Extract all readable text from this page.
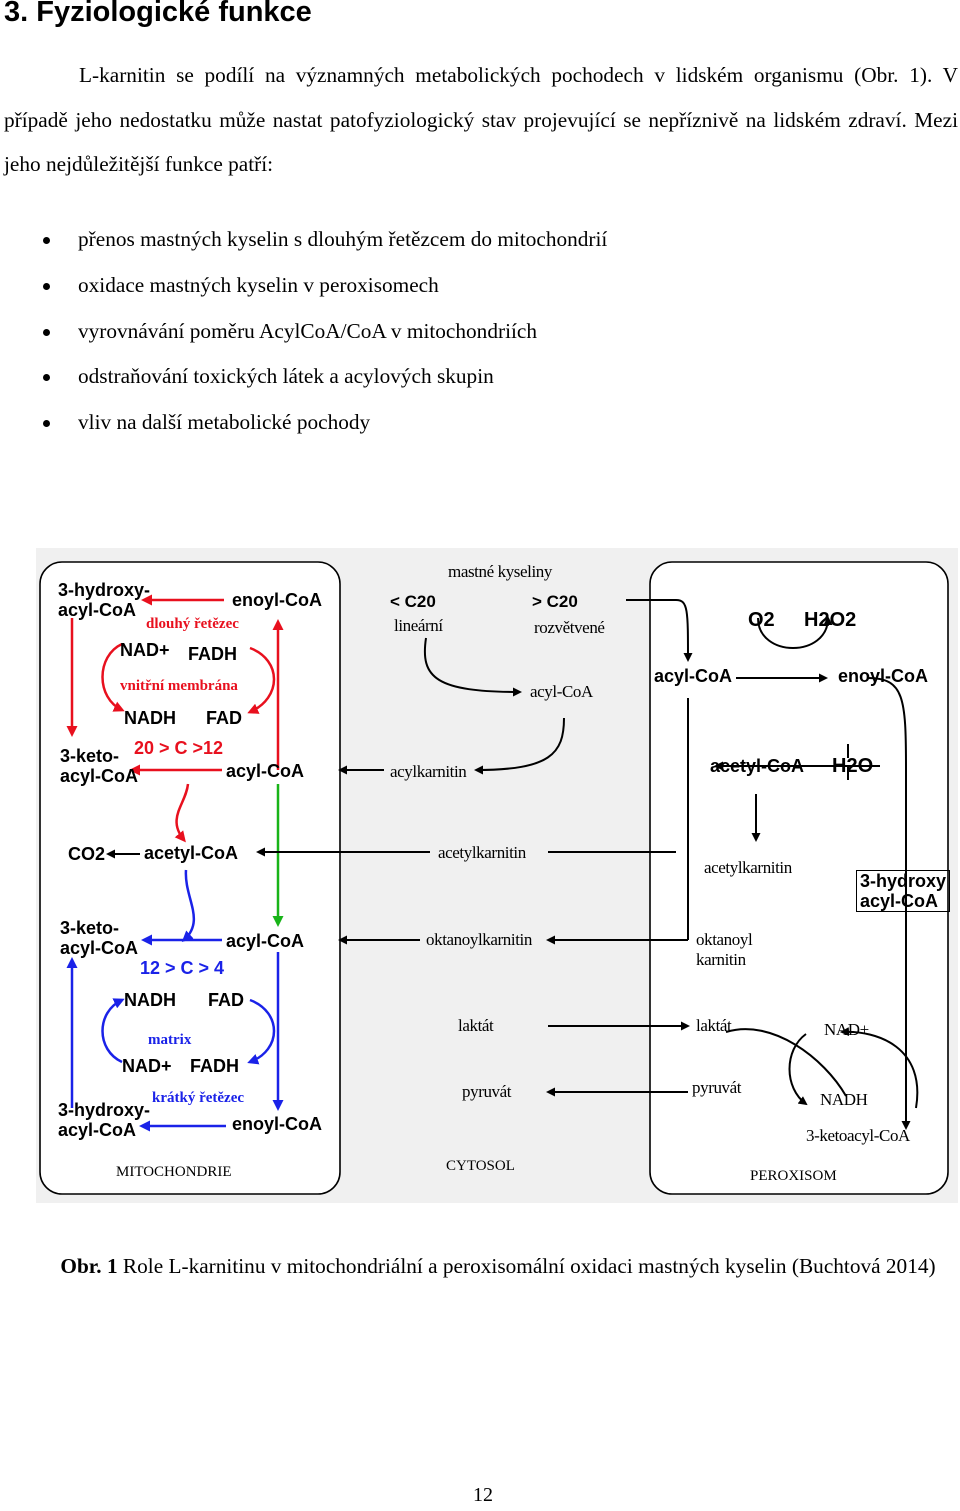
3. Fyziologické funkce

L-karnitin se podílí na významných metabolických pochodech v lidském organismu (Obr. 1). V případě jeho nedostatku může nastat patofyziologický stav projevující se nepříznivě na lidském zdraví. Mezi jeho nejdůležitější funkce patří:

přenos mastných kyselin s dlouhým řetězcem do mitochondrií
oxidace mastných kyselin v peroxisomech
vyrovnávání poměru AcylCoA/CoA v mitochondriích
odstraňování toxických látek a acylových skupin
vliv na další metabolické pochody
3-hydroxy-
acyl-CoA	enoyl-CoA
dlouhý řetězec
NAD+ FADH
vnitřní membrána
NADH FAD
3-keto-
acyl-CoA
20 > C >12
acyl-CoA
CO2 acetyl-CoA
3-keto-
acyl-CoA	acyl-CoA
12 > C > 4
NADH FAD
matrix
NAD+ FADH
krátký řetězec
3-hydroxy-
acyl-CoA	enoyl-CoA
MITOCHONDRIE
mastné kyseliny
< C20
lineární
> C20
rozvětvené
acyl-CoA
acylkarnitin
acetylkarnitin
oktanoylkarnitin
laktát
pyruvát
CYTOSOL
O2 H2O2
acyl-CoA	enoyl-CoA
acetyl-CoA H2O
acetylkarnitin
3-hydroxy
acyl-CoA
oktanoyl
karnitin
laktát	NAD+
pyruvát
NADH
3-ketoacyl-CoA
PEROXISOM
Obr. 1 Role L-karnitinu v mitochondriální a peroxisomální oxidaci mastných kyselin (Buchtová 2014)
12
